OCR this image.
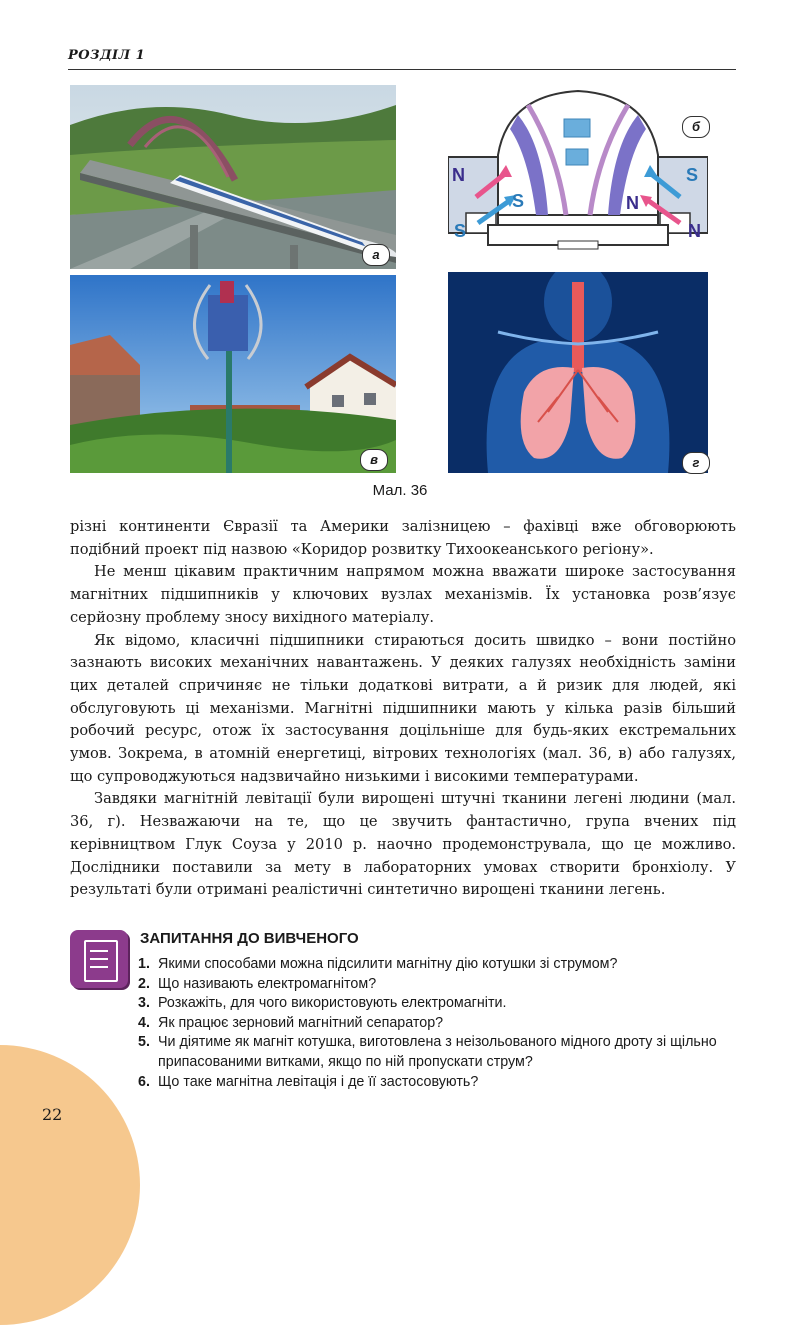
РОЗДІЛ 1
а
N
S
S
S
N
N
б
в	г
Мал. 36

різні континенти Євразії та Америки залізницею – фахівці вже обговорюють подібний проект під назвою «Коридор розвитку Тихоокеанського регіону».

Не менш цікавим практичним напрямом можна вважати широке застосування магнітних підшипників у ключових вузлах механізмів. Їх установка розв’язує серйозну проблему зносу вихідного матеріалу.

Як відомо, класичні підшипники стираються досить швидко – вони постійно зазнають високих механічних навантажень. У деяких галузях необхідність заміни цих деталей спричиняє не тільки додаткові витрати, а й ризик для людей, які обслуговують ці механізми. Магнітні підшипники мають у кілька разів більший робочий ресурс, отож їх застосування доцільніше для будь-яких екстремальних умов. Зокрема, в атомній енергетиці, вітрових технологіях (мал. 36, в) або галузях, що супроводжуються надзвичайно низькими і високими температурами.

Завдяки магнітній левітації були вирощені штучні тканини легені людини (мал. 36, г). Незважаючи на те, що це звучить фантастично, група вчених під керівництвом Глук Соуза у 2010 р. наочно продемонструвала, що це можливо. Дослідники поставили за мету в лабораторних умовах створити бронхіолу. У результаті були отримані реалістичні синтетично вирощені тканини легень.

ЗАПИТАННЯ ДО ВИВЧЕНОГО
1. Якими способами можна підсилити магнітну дію котушки зі струмом?
2. Що називають електромагнітом?
3. Розкажіть, для чого використовують електромагніти.
4. Як працює зерновий магнітний сепаратор?
5. Чи діятиме як магніт котушка, виготовлена з неізольованого мідного дроту зі щільно припасованими витками, якщо по ній пропускати струм?
6. Що таке магнітна левітація і де її застосовують?
22
